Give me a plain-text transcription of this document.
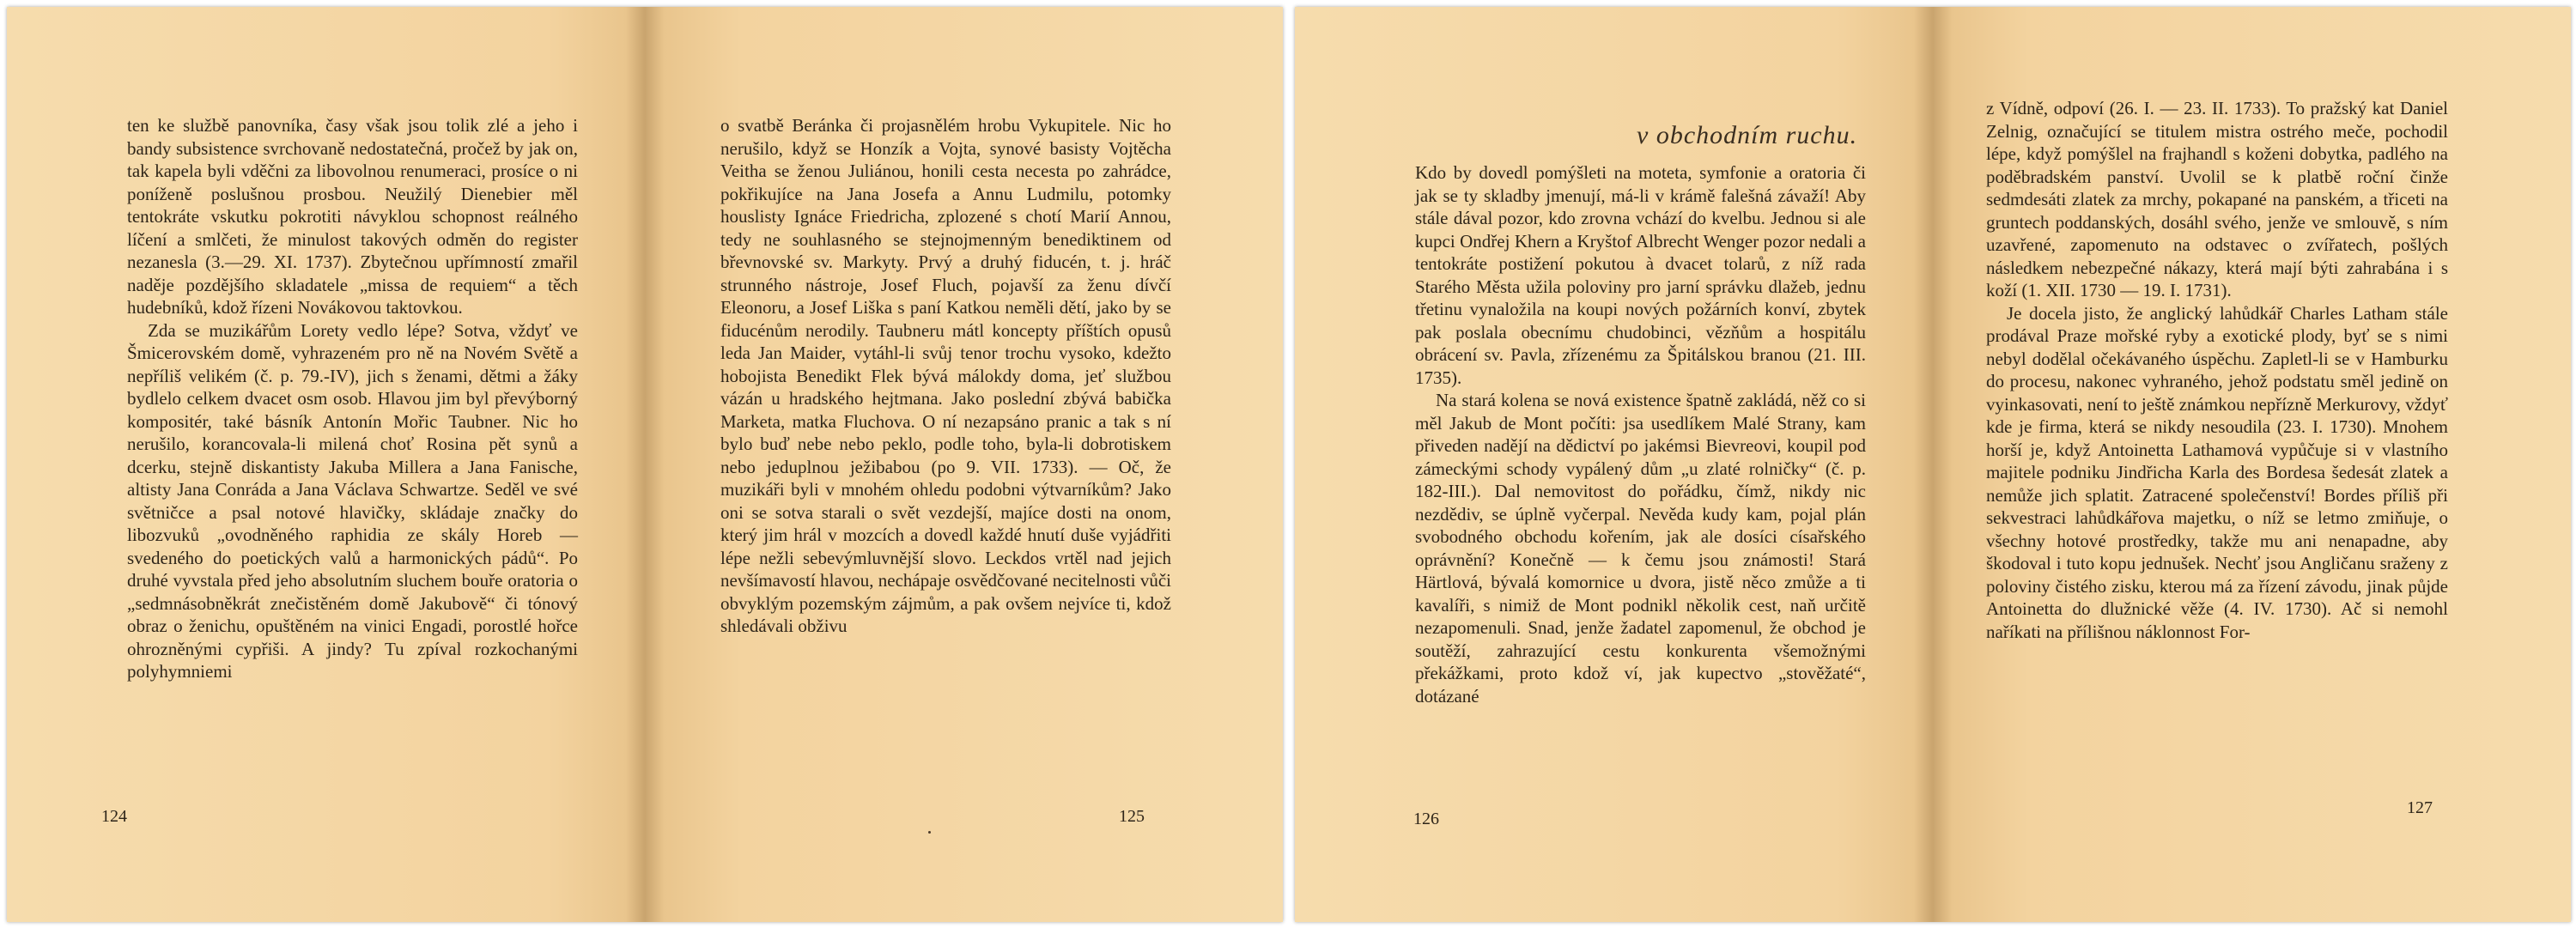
ten ke službě panovníka, časy však jsou tolik zlé a jeho i bandy subsistence svrchovaně nedostatečná, pročež by jak on, tak kapela byli vděčni za libovolnou renumeraci, prosíce o ni poníženě poslušnou prosbou. Neužilý Dienebier měl tentokráte vskutku pokrotiti návyklou schopnost reálného líčení a smlčeti, že minulost takových odměn do register nezanesla (3.—29. XI. 1737). Zbytečnou upřímností zmařil naděje pozdějšího skladatele „missa de requiem“ a těch hudebníků, kdož řízeni Novákovou taktovkou.

Zda se muzikářům Lorety vedlo lépe? Sotva, vždyť ve Šmicerovském domě, vyhrazeném pro ně na Novém Světě a nepříliš velikém (č. p. 79.-IV), jich s ženami, dětmi a žáky bydlelo celkem dvacet osm osob. Hlavou jim byl převýborný kompositér, také básník Antonín Mořic Taubner. Nic ho nerušilo, korancovala-li milená choť Rosina pět synů a dcerku, stejně diskantisty Jakuba Millera a Jana Fanische, altisty Jana Conráda a Jana Václava Schwartze. Seděl ve své světničce a psal notové hlavičky, skládaje značky do libozvuků „ovodněného raphidia ze skály Horeb — svedeného do poetických valů a harmonických pádů“. Po druhé vyvstala před jeho absolutním sluchem bouře oratoria o „sedmnásobněkrát znečistěném domě Jakubově“ či tónový obraz o ženichu, opuštěném na vinici Engadi, porostlé hořce ohrozněnými cypřiši. A jindy? Tu zpíval rozkochanými polyhymniemi

124

o svatbě Beránka či projasnělém hrobu Vykupitele. Nic ho nerušilo, když se Honzík a Vojta, synové basisty Vojtěcha Veitha se ženou Juliánou, honili cesta necesta po zahrádce, pokřikujíce na Jana Josefa a Annu Ludmilu, potomky houslisty Ignáce Friedricha, zplozené s chotí Marií Annou, tedy ne souhlasného se stejnojmenným benediktinem od břevnovské sv. Markyty. Prvý a druhý fiducén, t. j. hráč strunného nástroje, Josef Fluch, pojavší za ženu dívčí Eleonoru, a Josef Liška s paní Katkou neměli dětí, jako by se fiducénům nerodily. Taubneru mátl koncepty příštích opusů leda Jan Maider, vytáhl-li svůj tenor trochu vysoko, kdežto hobojista Benedikt Flek bývá málokdy doma, jeť službou vázán u hradského hejtmana. Jako poslední zbývá babička Marketa, matka Fluchova. O ní nezapsáno pranic a tak s ní bylo buď nebe nebo peklo, podle toho, byla-li dobrotiskem nebo jeduplnou ježibabou (po 9. VII. 1733). — Oč, že muzikáři byli v mnohém ohledu podobni výtvarníkům? Jako oni se sotva starali o svět vezdejší, majíce dosti na onom, který jim hrál v mozcích a dovedl každé hnutí duše vyjádřiti lépe nežli sebevýmluvnější slovo. Leckdos vrtěl nad jejich nevšímavostí hlavou, nechápaje osvědčované necitelnosti vůči obvyklým pozemským zájmům, a pak ovšem nejvíce ti, kdož shledávali obživu

125
v obchodním ruchu.

Kdo by dovedl pomýšleti na moteta, symfonie a oratoria či jak se ty skladby jmenují, má-li v krámě falešná závaží! Aby stále dával pozor, kdo zrovna vchází do kvelbu. Jednou si ale kupci Ondřej Khern a Kryštof Albrecht Wenger pozor nedali a tentokráte postižení pokutou à dvacet tolarů, z níž rada Starého Města užila poloviny pro jarní správku dlažeb, jednu třetinu vynaložila na koupi nových požárních konví, zbytek pak poslala obecnímu chudobinci, vězňům a hospitálu obrácení sv. Pavla, zřízenému za Špitálskou branou (21. III. 1735).

Na stará kolena se nová existence špatně zakládá, něž co si měl Jakub de Mont počíti: jsa usedlíkem Malé Strany, kam přiveden nadějí na dědictví po jakémsi Bievreovi, koupil pod zámeckými schody vypálený dům „u zlaté rolničky“ (č. p. 182-III.). Dal nemovitost do pořádku, čímž, nikdy nic nezdědiv, se úplně vyčerpal. Nevěda kudy kam, pojal plán svobodného obchodu kořením, jak ale dosíci císařského oprávnění? Konečně — k čemu jsou známosti! Stará Härtlová, bývalá komornice u dvora, jistě něco zmůže a ti kavalíři, s nimiž de Mont podnikl několik cest, naň určitě nezapomenuli. Snad, jenže žadatel zapomenul, že obchod je soutěží, zahrazující cestu konkurenta všemožnými překážkami, proto kdož ví, jak kupectvo „stověžaté“, dotázané

126

z Vídně, odpoví (26. I. — 23. II. 1733). To pražský kat Daniel Zelnig, označující se titulem mistra ostrého meče, pochodil lépe, když pomýšlel na frajhandl s koženi dobytka, padlého na poděbradském panství. Uvolil se k platbě roční činže sedmdesáti zlatek za mrchy, pokapané na panském, a třiceti na gruntech poddanských, dosáhl svého, jenže ve smlouvě, s ním uzavřené, zapomenuto na odstavec o zvířatech, pošlých následkem nebezpečné nákazy, která mají býti zahrabána i s koží (1. XII. 1730 — 19. I. 1731).

Je docela jisto, že anglický lahůdkář Charles Latham stále prodával Praze mořské ryby a exotické plody, byť se s nimi nebyl dodělal očekávaného úspěchu. Zapletl-li se v Hamburku do procesu, nakonec vyhraného, jehož podstatu směl jedině on vyinkasovati, není to ještě známkou nepřízně Merkurovy, vždyť kde je firma, která se nikdy nesoudila (23. I. 1730). Mnohem horší je, když Antoinetta Lathamová vypůčuje si v vlastního majitele podniku Jindřicha Karla des Bordesa šedesát zlatek a nemůže jich splatit. Zatracené společenství! Bordes příliš při sekvestraci lahůdkářova majetku, o níž se letmo zmiňuje, o všechny hotové prostředky, takže mu ani nenapadne, aby škodoval i tuto kopu jednušek. Nechť jsou Angličanu sraženy z poloviny čistého zisku, kterou má za řízení závodu, jinak půjde Antoinetta do dlužnické věže (4. IV. 1730). Ač si nemohl naříkati na přílišnou náklonnost For-

127
